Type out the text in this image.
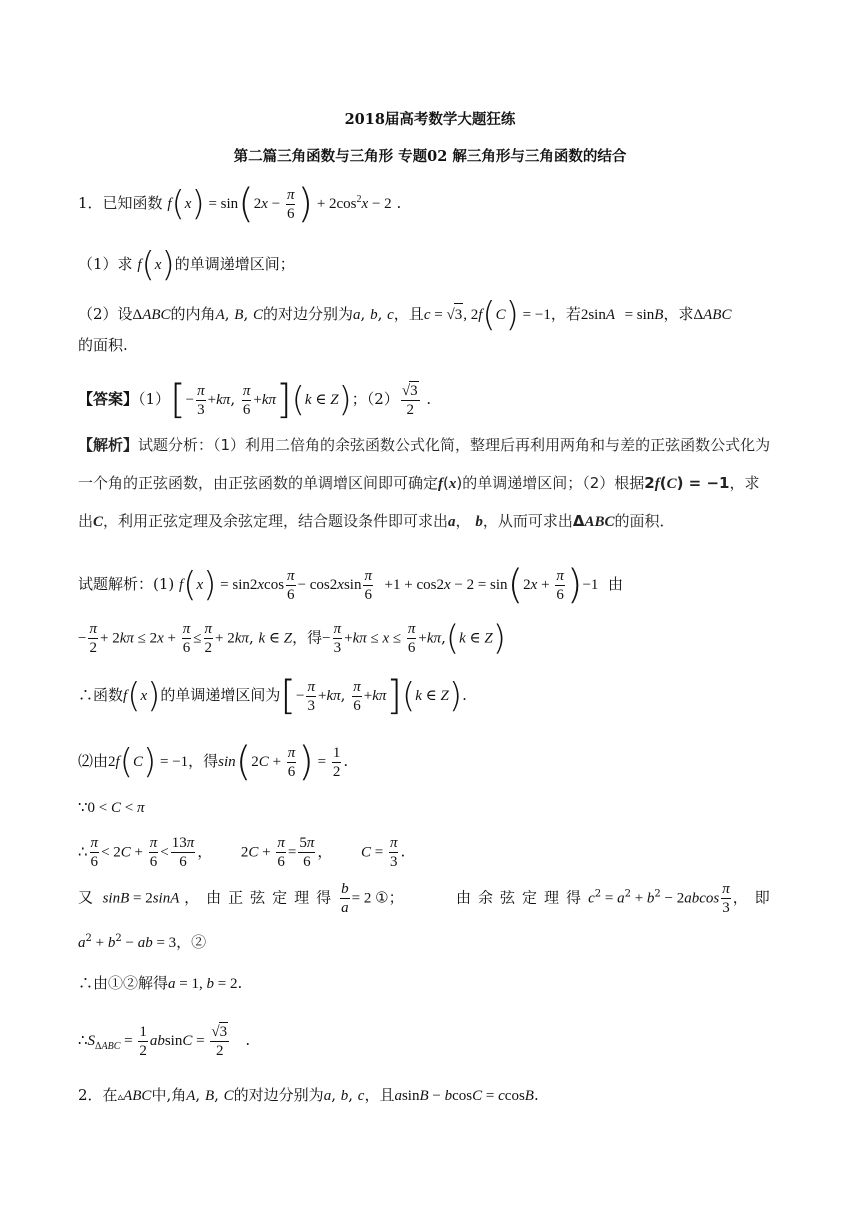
2018届高考数学大题狂练
第二篇三角函数与三角形 专题02 解三角形与三角函数的结合
1．已知函数 $f(x) = \sin(2x - \frac{\pi}{6}$ ) + $2\cos^2x - 2$ .
（1）求 f(x)的单调递增区间；
（2）设ΔABC的内角A, B, C的对边分别为a, b, c，且c = √3, 2f(C) = −1，若2sinA = sinB，求ΔABC
的面积.
【答案】$(1)[- \frac{\pi}{3} +k\pi$, $\frac{\pi}{6} +k\pi](k$ ∈ Z)；$(2) \frac{√3}{2}$ .
【解析】试题分析：（1）利用二倍角的余弦函数公式化简，整理后再利用两角和与差的正弦函数公式化为
一个角的正弦函数，由正弦函数的单调增区间即可确定f(x)的单调递增区间；（2）根据2f(C) = −1，求
出C，利用正弦定理及余弦定理，结合题设条件即可求出a， b，从而可求出ΔABC的面积．
试题解析：(1) $f(x) = \sin 2xcos \frac{\pi}{6} - \cos 2xsin \frac{\pi}{6} +1 + \cos 2x - 2 = \sin(2x + \frac{\pi}{6} )-1$ 由
− $\frac{\pi}{2} + 2k\pi \le 2x + \frac{\pi}{6} \le \frac{\pi}{2} + 2k\pi$, k ∈ Z，得− $\frac{\pi}{3} +k\pi \le x \le \frac{\pi}{6} +k\pi,(k$ ∈ Z)
∴函数f(x)的单调递增区间为[− $\frac{\pi}{3} +k\pi$, $\frac{\pi}{6} +k\pi](k$ ∈ Z).
⑵由2f(C) = −1，得$\sin(2C + \frac{\pi}{6}$ ) = $\frac{1}{2}$ .
∵0 < C < π
∴ $\frac{\pi}{6} < 2C + \frac{\pi}{6} < \frac{13\pi}{6}$ ，      $2C + \frac{\pi}{6} = \frac{5\pi}{6}$ ，      $C = \frac{\pi}{3}$ .
又 sinB = 2sinA ，由正弦定理得 $\frac{b}{a} = 2$ ①；	由余弦定理得$c^2 = a^2 + b^2 - 2abcos \frac{\pi}{3}$ ，即
$a^2 + b^2$ − ab = 3，②
∴由①②解得a = 1, b = 2.
$\therefore S_{\Delta ABC} = \frac{1}{2}$ $absinC = \frac{√3}{2}$ .
2．在▵ABC中,角A, B, C的对边分别为a, b, c，且asinB − bcosC = ccosB.
